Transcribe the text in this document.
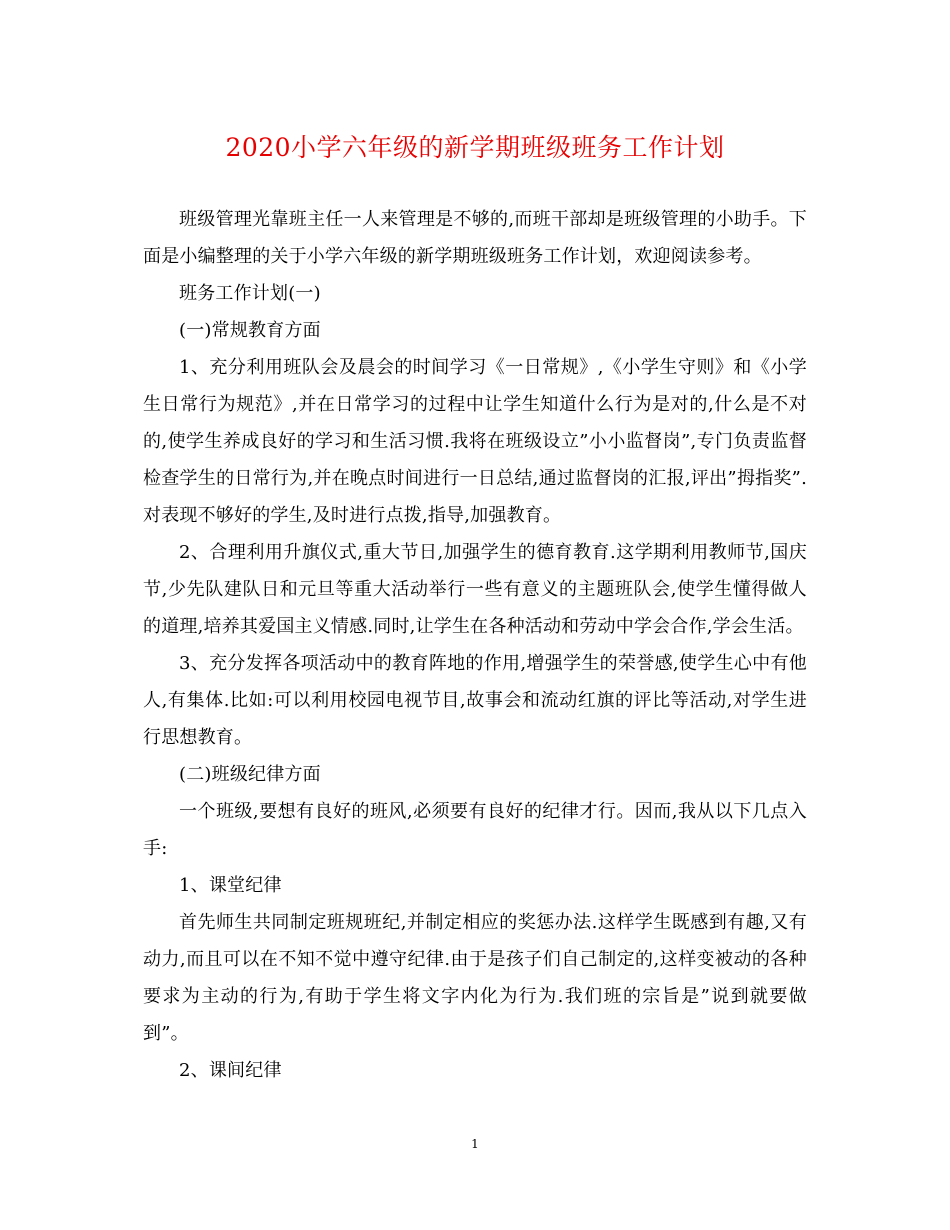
2020小学六年级的新学期班级班务工作计划

班级管理光靠班主任一人来管理是不够的,而班干部却是班级管理的小助手。下面是小编整理的关于小学六年级的新学期班级班务工作计划，欢迎阅读参考。

班务工作计划(一)

(一)常规教育方面

1、充分利用班队会及晨会的时间学习《一日常规》,《小学生守则》和《小学生日常行为规范》,并在日常学习的过程中让学生知道什么行为是对的,什么是不对的,使学生养成良好的学习和生活习惯.我将在班级设立”小小监督岗”,专门负责监督检查学生的日常行为,并在晚点时间进行一日总结,通过监督岗的汇报,评出”拇指奖”.对表现不够好的学生,及时进行点拨,指导,加强教育。

2、合理利用升旗仪式,重大节日,加强学生的德育教育.这学期利用教师节,国庆节,少先队建队日和元旦等重大活动举行一些有意义的主题班队会,使学生懂得做人的道理,培养其爱国主义情感.同时,让学生在各种活动和劳动中学会合作,学会生活。

3、充分发挥各项活动中的教育阵地的作用,增强学生的荣誉感,使学生心中有他人,有集体.比如:可以利用校园电视节目,故事会和流动红旗的评比等活动,对学生进行思想教育。

(二)班级纪律方面

一个班级,要想有良好的班风,必须要有良好的纪律才行。因而,我从以下几点入手:

1、课堂纪律

首先师生共同制定班规班纪,并制定相应的奖惩办法.这样学生既感到有趣,又有动力,而且可以在不知不觉中遵守纪律.由于是孩子们自己制定的,这样变被动的各种要求为主动的行为,有助于学生将文字内化为行为.我们班的宗旨是”说到就要做到”。

2、课间纪律

1
